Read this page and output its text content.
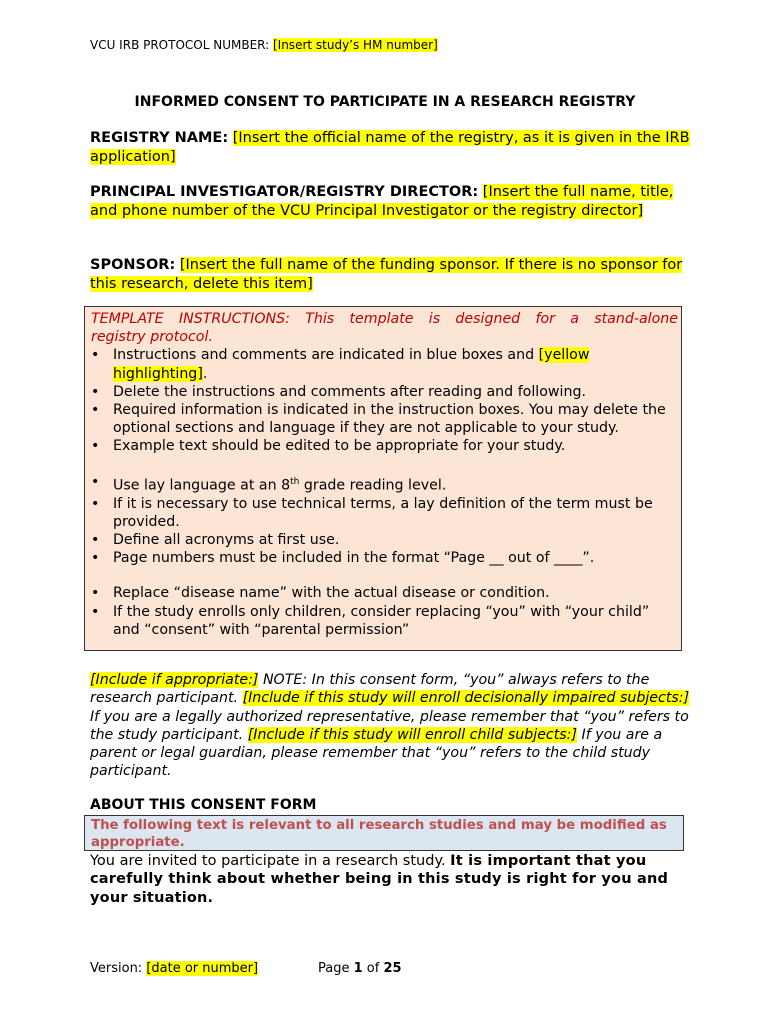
VCU IRB PROTOCOL NUMBER: [Insert study’s HM number]
INFORMED CONSENT TO PARTICIPATE IN A RESEARCH REGISTRY
REGISTRY NAME: [Insert the official name of the registry, as it is given in the IRB application]
PRINCIPAL INVESTIGATOR/REGISTRY DIRECTOR: [Insert the full name, title, and phone number of the VCU Principal Investigator or the registry director]
SPONSOR: [Insert the full name of the funding sponsor. If there is no sponsor for this research, delete this item]
TEMPLATE INSTRUCTIONS: This template is designed for a stand-alone
registry protocol.
• Instructions and comments are indicated in blue boxes and [yellow highlighting].
• Delete the instructions and comments after reading and following.
• Required information is indicated in the instruction boxes. You may delete the optional sections and language if they are not applicable to your study.
• Example text should be edited to be appropriate for your study.
• Use lay language at an 8th grade reading level.
• If it is necessary to use technical terms, a lay definition of the term must be provided.
• Define all acronyms at first use.
• Page numbers must be included in the format “Page __ out of ____”.
• Replace “disease name” with the actual disease or condition.
• If the study enrolls only children, consider replacing “you” with “your child” and “consent” with “parental permission”
[Include if appropriate:] NOTE: In this consent form, “you” always refers to the research participant. [Include if this study will enroll decisionally impaired subjects:] If you are a legally authorized representative, please remember that “you” refers to the study participant. [Include if this study will enroll child subjects:] If you are a parent or legal guardian, please remember that “you” refers to the child study participant.
ABOUT THIS CONSENT FORM
The following text is relevant to all research studies and may be modified as appropriate.
You are invited to participate in a research study. It is important that you carefully think about whether being in this study is right for you and your situation.
Version: [date or number]	Page 1 of 25
